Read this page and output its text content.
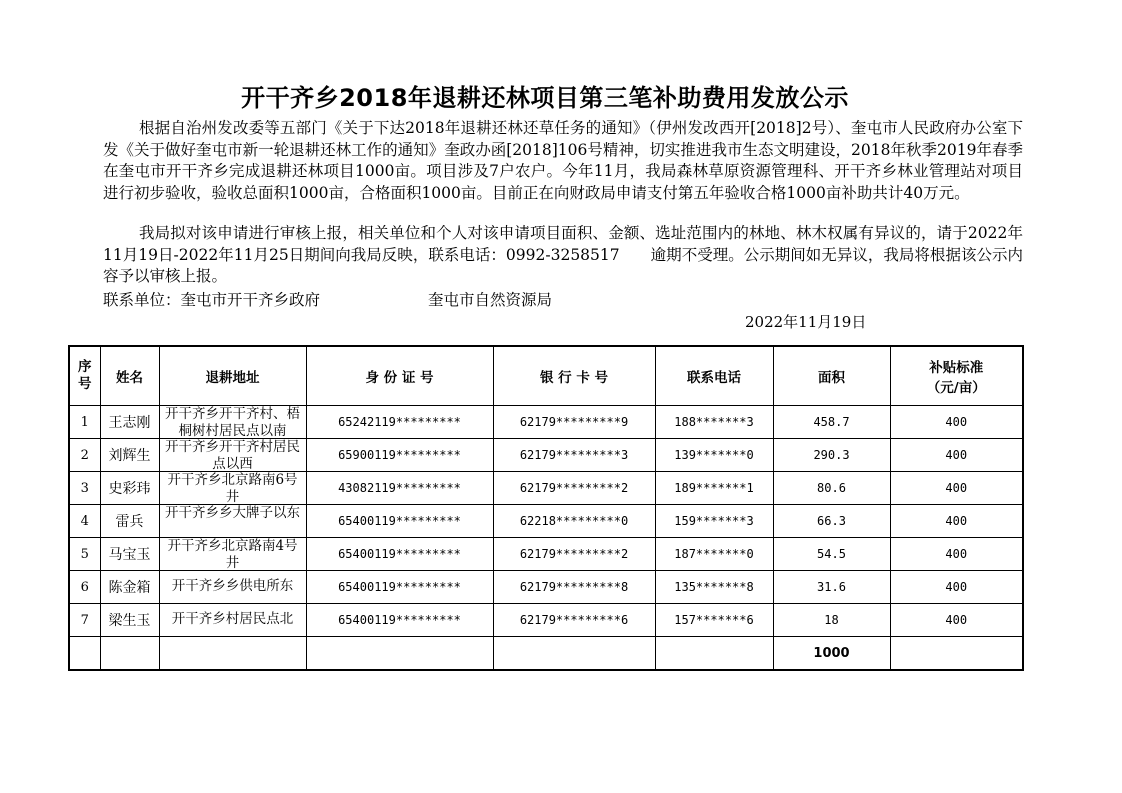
开干齐乡2018年退耕还林项目第三笔补助费用发放公示
根据自治州发改委等五部门《关于下达2018年退耕还林还草任务的通知》（伊州发改西开[2018]2号）、奎屯市人民政府办公室下发《关于做好奎屯市新一轮退耕还林工作的通知》奎政办函[2018]106号精神，切实推进我市生态文明建设，2018年秋季2019年春季在奎屯市开干齐乡完成退耕还林项目1000亩。项目涉及7户农户。今年11月，我局森林草原资源管理科、开干齐乡林业管理站对项目进行初步验收，验收总面积1000亩，合格面积1000亩。目前正在向财政局申请支付第五年验收合格1000亩补助共计40万元。
我局拟对该申请进行审核上报，相关单位和个人对该申请项目面积、金额、选址范围内的林地、林木权属有异议的，请于2022年11月19日-2022年11月25日期间向我局反映，联系电话：0992-3258517　　逾期不受理。公示期间如无异议，我局将根据该公示内容予以审核上报。
联系单位：奎屯市开干齐乡政府	奎屯市自然资源局
2022年11月19日
序号	姓名	退耕地址	身 份 证 号	银 行 卡 号	联系电话	面积	补贴标准
（元/亩）

1	王志刚	开干齐乡开干齐村、梧桐树村居民点以南	65242119*********	62179*********9	188*******3	458.7	400
2	刘辉生	开干齐乡开干齐村居民点以西	65900119*********	62179*********3	139*******0	290.3	400
3	史彩玮	开干齐乡北京路南6号井	43082119*********	62179*********2	189*******1	80.6	400
4	雷兵	开干齐乡乡大牌子以东	65400119*********	62218*********0	159*******3	66.3	400
5	马宝玉	开干齐乡北京路南4号井	65400119*********	62179*********2	187*******0	54.5	400
6	陈金箱	开干齐乡乡供电所东	65400119*********	62179*********8	135*******8	31.6	400
7	梁生玉	开干齐乡村居民点北	65400119*********	62179*********6	157*******6	18	400
						1000	
